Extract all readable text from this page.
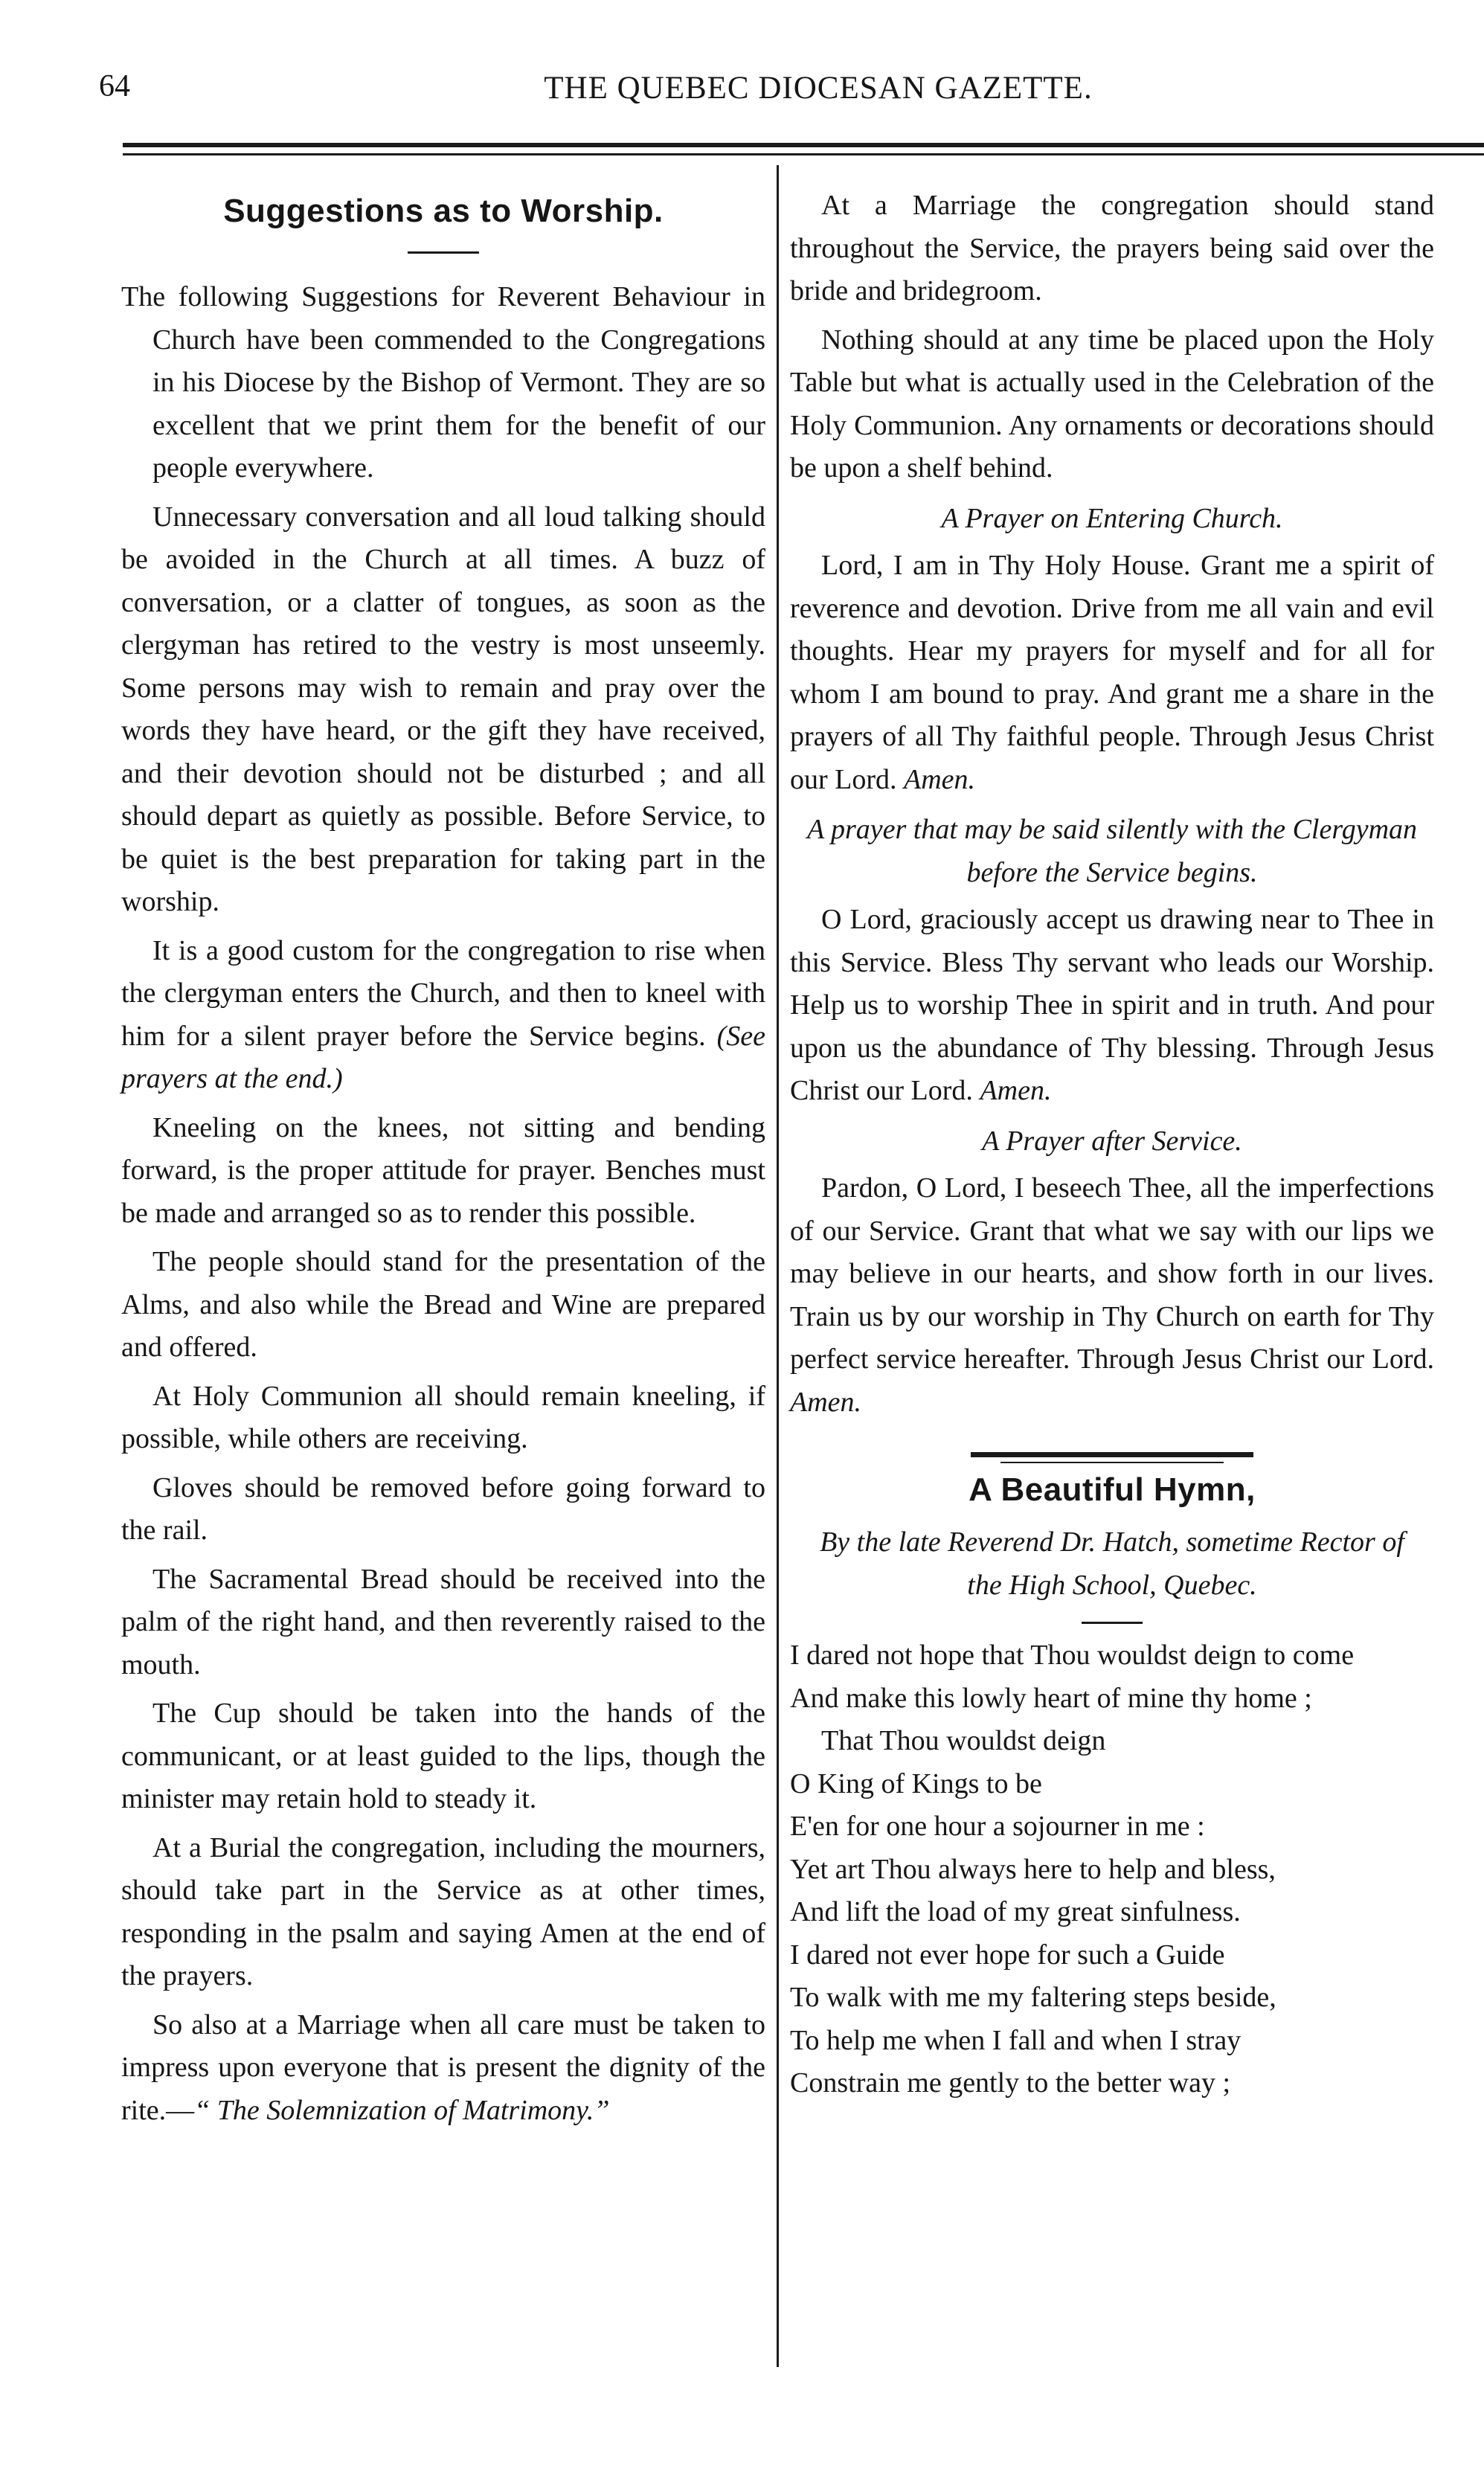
64	THE QUEBEC DIOCESAN GAZETTE.
Suggestions as to Worship.

The following Suggestions for Reverent Behaviour in Church have been commended to the Congregations in his Diocese by the Bishop of Vermont. They are so excellent that we print them for the benefit of our people everywhere.

Unnecessary conversation and all loud talking should be avoided in the Church at all times. A buzz of conversation, or a clatter of tongues, as soon as the clergyman has retired to the vestry is most unseemly. Some persons may wish to remain and pray over the words they have heard, or the gift they have received, and their devotion should not be disturbed ; and all should depart as quietly as possible. Before Service, to be quiet is the best preparation for taking part in the worship.

It is a good custom for the congregation to rise when the clergyman enters the Church, and then to kneel with him for a silent prayer before the Service begins. (See prayers at the end.)

Kneeling on the knees, not sitting and bending forward, is the proper attitude for prayer. Benches must be made and arranged so as to render this possible.

The people should stand for the presentation of the Alms, and also while the Bread and Wine are prepared and offered.

At Holy Communion all should remain kneeling, if possible, while others are receiving.

Gloves should be removed before going forward to the rail.

The Sacramental Bread should be received into the palm of the right hand, and then reverently raised to the mouth.

The Cup should be taken into the hands of the communicant, or at least guided to the lips, though the minister may retain hold to steady it.

At a Burial the congregation, including the mourners, should take part in the Service as at other times, responding in the psalm and saying Amen at the end of the prayers.

So also at a Marriage when all care must be taken to impress upon everyone that is present the dignity of the rite.—“ The Solemnization of Matrimony.”

At a Marriage the congregation should stand throughout the Service, the prayers being said over the bride and bridegroom.

Nothing should at any time be placed upon the Holy Table but what is actually used in the Celebration of the Holy Communion. Any ornaments or decorations should be upon a shelf behind.

A Prayer on Entering Church.

Lord, I am in Thy Holy House. Grant me a spirit of reverence and devotion. Drive from me all vain and evil thoughts. Hear my prayers for myself and for all for whom I am bound to pray. And grant me a share in the prayers of all Thy faithful people. Through Jesus Christ our Lord. Amen.

A prayer that may be said silently with the Clergyman before the Service begins.

O Lord, graciously accept us drawing near to Thee in this Service. Bless Thy servant who leads our Worship. Help us to worship Thee in spirit and in truth. And pour upon us the abundance of Thy blessing. Through Jesus Christ our Lord. Amen.

A Prayer after Service.

Pardon, O Lord, I beseech Thee, all the imperfections of our Service. Grant that what we say with our lips we may believe in our hearts, and show forth in our lives. Train us by our worship in Thy Church on earth for Thy perfect service hereafter. Through Jesus Christ our Lord. Amen.

A Beautiful Hymn,
By the late Reverend Dr. Hatch, sometime Rector of the High School, Quebec.
I dared not hope that Thou wouldst deign to come
And make this lowly heart of mine thy home ;
That Thou wouldst deign
O King of Kings to be
E'en for one hour a sojourner in me :
Yet art Thou always here to help and bless,
And lift the load of my great sinfulness.
I dared not ever hope for such a Guide
To walk with me my faltering steps beside,
To help me when I fall and when I stray
Constrain me gently to the better way ;
